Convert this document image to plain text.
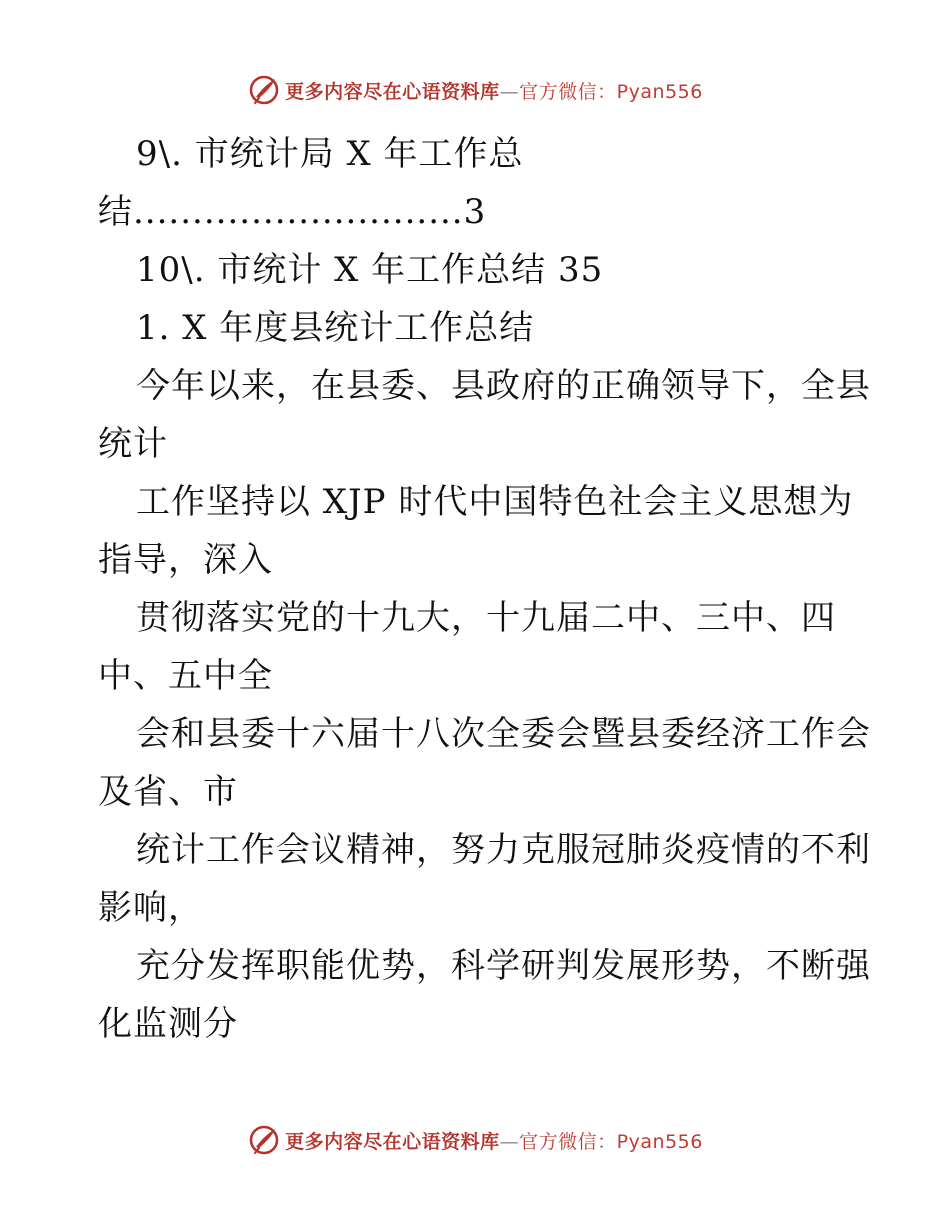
更多内容尽在心语资料库—官方微信：Pyan556
9\. 市统计局 X 年工作总
结............................3
10\. 市统计 X 年工作总结 35
1. X 年度县统计工作总结
今年以来，在县委、县政府的正确领导下，全县
统计
工作坚持以 XJP 时代中国特色社会主义思想为
指导，深入
贯彻落实党的十九大，十九届二中、三中、四
中、五中全
会和县委十六届十八次全委会暨县委经济工作会
及省、市
统计工作会议精神，努力克服冠肺炎疫情的不利
影响，
充分发挥职能优势，科学研判发展形势，不断强
化监测分
更多内容尽在心语资料库—官方微信：Pyan556
